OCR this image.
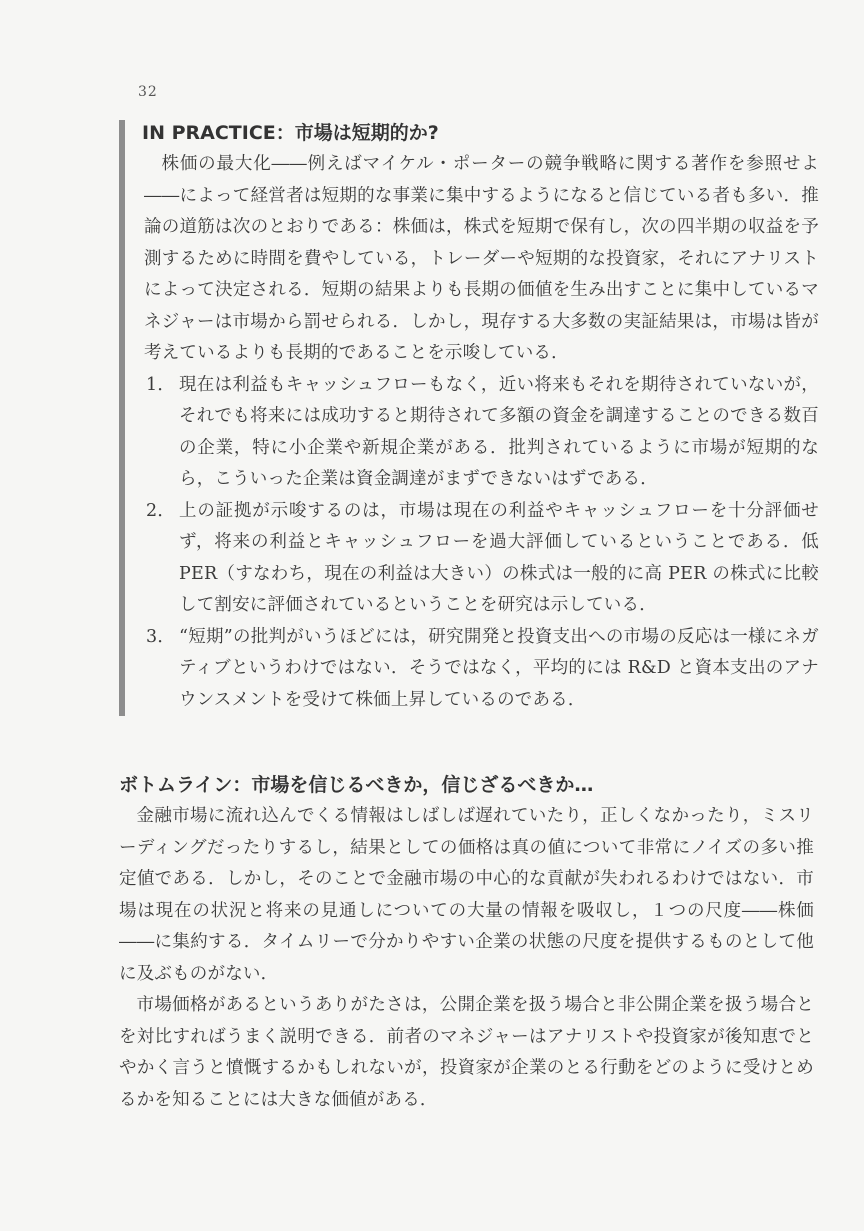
32
IN PRACTICE：市場は短期的か?

株価の最大化――例えばマイケル・ポーターの競争戦略に関する著作を参照せよ――によって経営者は短期的な事業に集中するようになると信じている者も多い．推論の道筋は次のとおりである：株価は，株式を短期で保有し，次の四半期の収益を予測するために時間を費やしている，トレーダーや短期的な投資家，それにアナリストによって決定される．短期の結果よりも長期の価値を生み出すことに集中しているマネジャーは市場から罰せられる．しかし，現存する大多数の実証結果は，市場は皆が考えているよりも長期的であることを示唆している．

1． 現在は利益もキャッシュフローもなく，近い将来もそれを期待されていないが，それでも将来には成功すると期待されて多額の資金を調達することのできる数百の企業，特に小企業や新規企業がある．批判されているように市場が短期的なら，こういった企業は資金調達がまずできないはずである．
2． 上の証拠が示唆するのは，市場は現在の利益やキャッシュフローを十分評価せず，将来の利益とキャッシュフローを過大評価しているということである．低 PER（すなわち，現在の利益は大きい）の株式は一般的に高 PER の株式に比較して割安に評価されているということを研究は示している．
3． “短期”の批判がいうほどには，研究開発と投資支出への市場の反応は一様にネガティブというわけではない．そうではなく，平均的には R&D と資本支出のアナウンスメントを受けて株価上昇しているのである．
ボトムライン：市場を信じるべきか，信じざるべきか…

金融市場に流れ込んでくる情報はしばしば遅れていたり，正しくなかったり，ミスリーディングだったりするし，結果としての価格は真の値について非常にノイズの多い推定値である．しかし，そのことで金融市場の中心的な貢献が失われるわけではない．市場は現在の状況と将来の見通しについての大量の情報を吸収し，１つの尺度――株価――に集約する．タイムリーで分かりやすい企業の状態の尺度を提供するものとして他に及ぶものがない．

市場価格があるというありがたさは，公開企業を扱う場合と非公開企業を扱う場合とを対比すればうまく説明できる．前者のマネジャーはアナリストや投資家が後知恵でとやかく言うと憤慨するかもしれないが，投資家が企業のとる行動をどのように受けとめるかを知ることには大きな価値がある．
